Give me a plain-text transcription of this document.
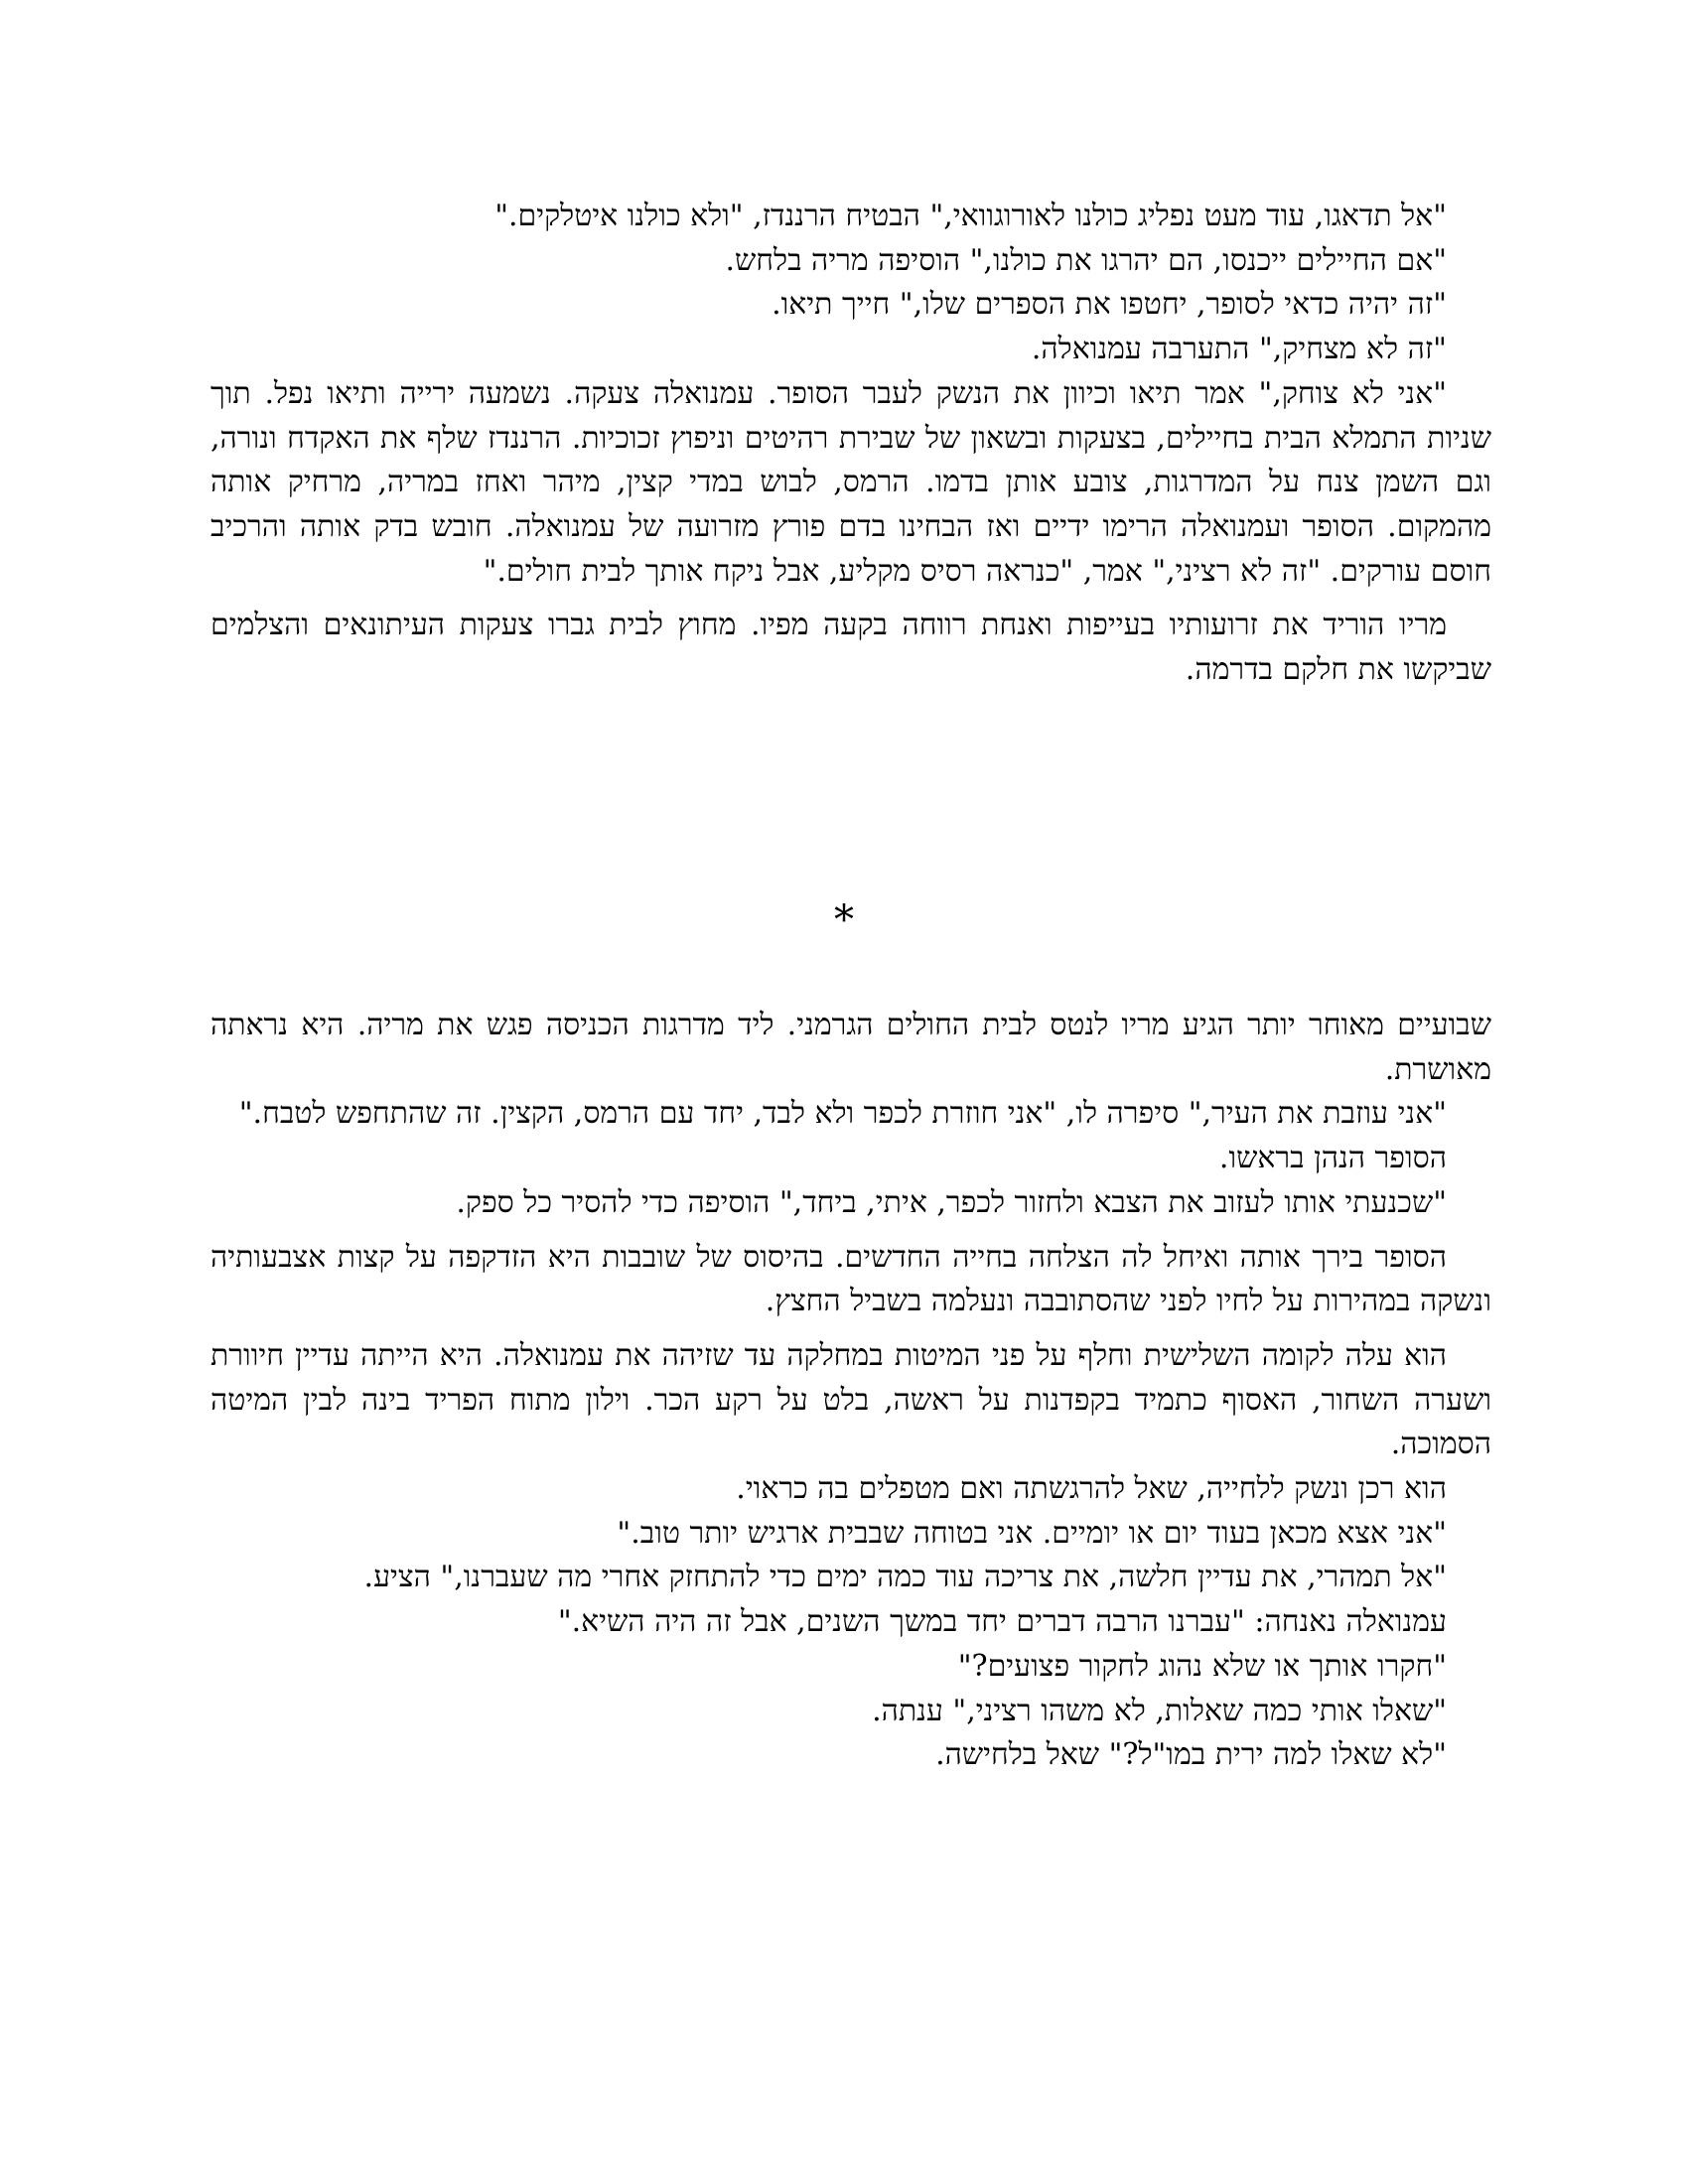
"אל תדאגו, עוד מעט נפליג כולנו לאורוגוואי," הבטיח הרננדז, "ולא כולנו איטלקים."

"אם החיילים ייכנסו, הם יהרגו את כולנו," הוסיפה מריה בלחש.

"זה יהיה כדאי לסופר, יחטפו את הספרים שלו," חייך תיאו.

"זה לא מצחיק," התערבה עמנואלה.

"אני לא צוחק," אמר תיאו וכיוון את הנשק לעבר הסופר. עמנואלה צעקה. נשמעה ירייה ותיאו נפל. תוך שניות התמלא הבית בחיילים, בצעקות ובשאון של שבירת רהיטים וניפוץ זכוכיות. הרננדז שלף את האקדח ונורה, וגם השמן צנח על המדרגות, צובע אותן בדמו. הרמס, לבוש במדי קצין, מיהר ואחז במריה, מרחיק אותה מהמקום. הסופר ועמנואלה הרימו ידיים ואז הבחינו בדם פורץ מזרועה של עמנואלה. חובש בדק אותה והרכיב חוסם עורקים. "זה לא רציני," אמר, "כנראה רסיס מקליע, אבל ניקח אותך לבית חולים."

מריו הוריד את זרועותיו בעייפות ואנחת רווחה בקעה מפיו. מחוץ לבית גברו צעקות העיתונאים והצלמים שביקשו את חלקם בדרמה.

*

שבועיים מאוחר יותר הגיע מריו לנטס לבית החולים הגרמני. ליד מדרגות הכניסה פגש את מריה. היא נראתה מאושרת.

"אני עוזבת את העיר," סיפרה לו, "אני חוזרת לכפר ולא לבד, יחד עם הרמס, הקצין. זה שהתחפש לטבח."

הסופר הנהן בראשו.

"שכנעתי אותו לעזוב את הצבא ולחזור לכפר, איתי, ביחד," הוסיפה כדי להסיר כל ספק.

הסופר בירך אותה ואיחל לה הצלחה בחייה החדשים. בהיסוס של שובבות היא הזדקפה על קצות אצבעותיה ונשקה במהירות על לחיו לפני שהסתובבה ונעלמה בשביל החצץ.

הוא עלה לקומה השלישית וחלף על פני המיטות במחלקה עד שזיהה את עמנואלה. היא הייתה עדיין חיוורת ושערה השחור, האסוף כתמיד בקפדנות על ראשה, בלט על רקע הכר. וילון מתוח הפריד בינה לבין המיטה הסמוכה.

הוא רכן ונשק ללחייה, שאל להרגשתה ואם מטפלים בה כראוי.

"אני אצא מכאן בעוד יום או יומיים. אני בטוחה שבבית ארגיש יותר טוב."

"אל תמהרי, את עדיין חלשה, את צריכה עוד כמה ימים כדי להתחזק אחרי מה שעברנו," הציע.

עמנואלה נאנחה: "עברנו הרבה דברים יחד במשך השנים, אבל זה היה השיא."

"חקרו אותך או שלא נהוג לחקור פצועים?"

"שאלו אותי כמה שאלות, לא משהו רציני," ענתה.

"לא שאלו למה ירית במו"ל?" שאל בלחישה.
